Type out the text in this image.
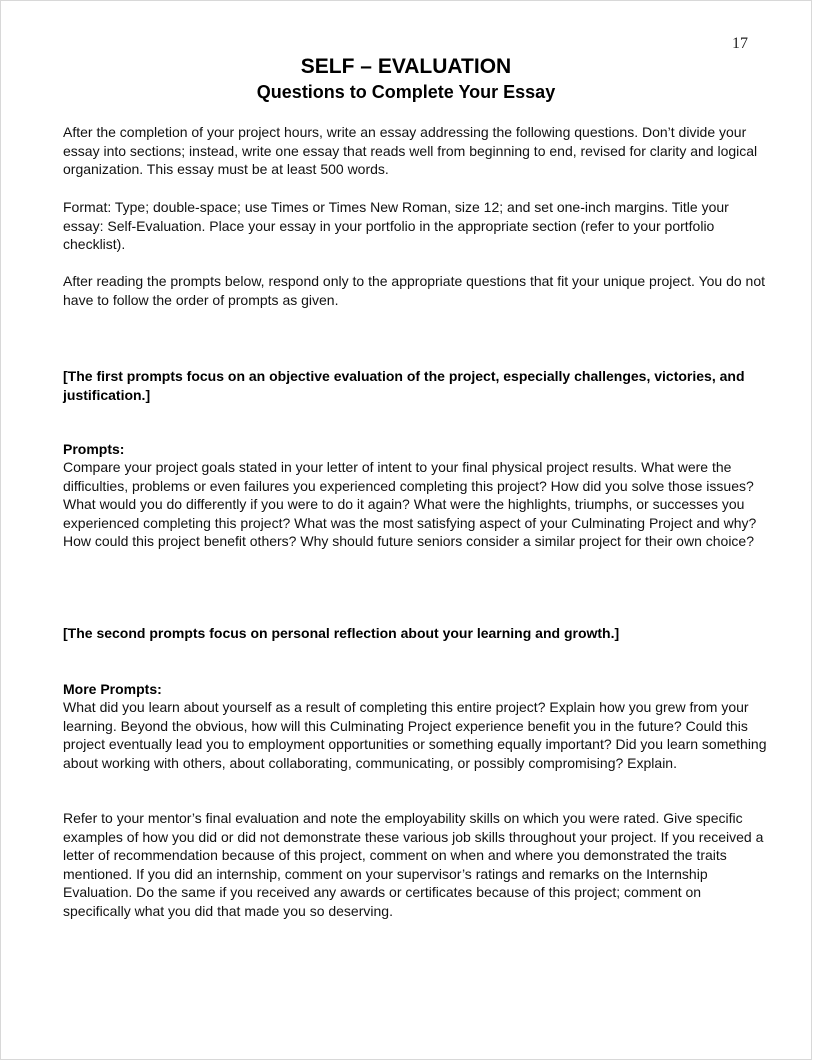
17
SELF – EVALUATION
Questions to Complete Your Essay

After the completion of your project hours, write an essay addressing the following questions. Don’t divide your essay into sections; instead, write one essay that reads well from beginning to end, revised for clarity and logical organization. This essay must be at least 500 words.

Format: Type; double-space; use Times or Times New Roman, size 12; and set one-inch margins. Title your essay: Self-Evaluation. Place your essay in your portfolio in the appropriate section (refer to your portfolio checklist).

After reading the prompts below, respond only to the appropriate questions that fit your unique project. You do not have to follow the order of prompts as given.

[The first prompts focus on an objective evaluation of the project, especially challenges, victories, and justification.]

Prompts:

Compare your project goals stated in your letter of intent to your final physical project results. What were the difficulties, problems or even failures you experienced completing this project? How did you solve those issues? What would you do differently if you were to do it again? What were the highlights, triumphs, or successes you experienced completing this project? What was the most satisfying aspect of your Culminating Project and why? How could this project benefit others? Why should future seniors consider a similar project for their own choice?

[The second prompts focus on personal reflection about your learning and growth.]

More Prompts:

What did you learn about yourself as a result of completing this entire project? Explain how you grew from your learning. Beyond the obvious, how will this Culminating Project experience benefit you in the future? Could this project eventually lead you to employment opportunities or something equally important? Did you learn something about working with others, about collaborating, communicating, or possibly compromising? Explain.

Refer to your mentor’s final evaluation and note the employability skills on which you were rated. Give specific examples of how you did or did not demonstrate these various job skills throughout your project. If you received a letter of recommendation because of this project, comment on when and where you demonstrated the traits mentioned. If you did an internship, comment on your supervisor’s ratings and remarks on the Internship Evaluation. Do the same if you received any awards or certificates because of this project; comment on specifically what you did that made you so deserving.
